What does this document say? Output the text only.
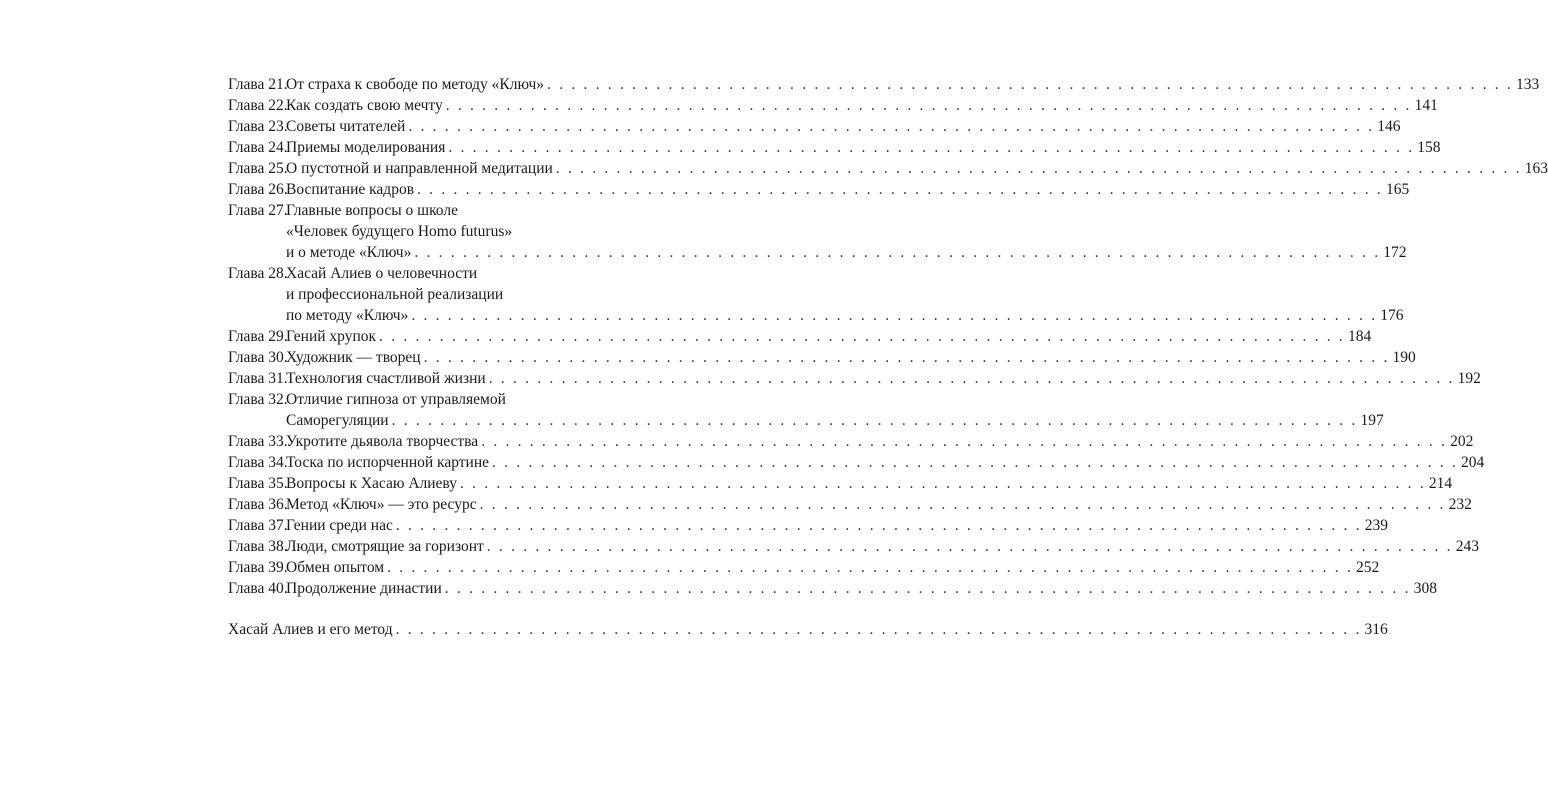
Глава 21.
От страха к свободе по методу «Ключ» . . . . . . . . . . . . . . . . . . . . . . . . . . . . . . . . . . . . . . . . . . . . . . . . . . . . . . . . . . . . . . . . . . . . . . . . . . . . . . . . 133
Глава 22.
Как создать свою мечту . . . . . . . . . . . . . . . . . . . . . . . . . . . . . . . . . . . . . . . . . . . . . . . . . . . . . . . . . . . . . . . . . . . . . . . . . . . . . . . . 141
Глава 23.
Советы читателей . . . . . . . . . . . . . . . . . . . . . . . . . . . . . . . . . . . . . . . . . . . . . . . . . . . . . . . . . . . . . . . . . . . . . . . . . . . . . . . . 146
Глава 24.
Приемы моделирования . . . . . . . . . . . . . . . . . . . . . . . . . . . . . . . . . . . . . . . . . . . . . . . . . . . . . . . . . . . . . . . . . . . . . . . . . . . . . . . . 158
Глава 25.
О пустотной и направленной медитации . . . . . . . . . . . . . . . . . . . . . . . . . . . . . . . . . . . . . . . . . . . . . . . . . . . . . . . . . . . . . . . . . . . . . . . . . . . . . . . . 163
Глава 26.
Воспитание кадров . . . . . . . . . . . . . . . . . . . . . . . . . . . . . . . . . . . . . . . . . . . . . . . . . . . . . . . . . . . . . . . . . . . . . . . . . . . . . . . . 165
Глава 27.
Главные вопросы о школе
«Человек будущего Homo futurus»
и о методе «Ключ» . . . . . . . . . . . . . . . . . . . . . . . . . . . . . . . . . . . . . . . . . . . . . . . . . . . . . . . . . . . . . . . . . . . . . . . . . . . . . . . . 172
Глава 28.
Хасай Алиев о человечности
и профессиональной реализации
по методу «Ключ» . . . . . . . . . . . . . . . . . . . . . . . . . . . . . . . . . . . . . . . . . . . . . . . . . . . . . . . . . . . . . . . . . . . . . . . . . . . . . . . . 176
Глава 29.
Гений хрупок . . . . . . . . . . . . . . . . . . . . . . . . . . . . . . . . . . . . . . . . . . . . . . . . . . . . . . . . . . . . . . . . . . . . . . . . . . . . . . . . 184
Глава 30.
Художник — творец . . . . . . . . . . . . . . . . . . . . . . . . . . . . . . . . . . . . . . . . . . . . . . . . . . . . . . . . . . . . . . . . . . . . . . . . . . . . . . . . 190
Глава 31.
Технология счастливой жизни . . . . . . . . . . . . . . . . . . . . . . . . . . . . . . . . . . . . . . . . . . . . . . . . . . . . . . . . . . . . . . . . . . . . . . . . . . . . . . . . 192
Глава 32.
Отличие гипноза от управляемой
Саморегуляции . . . . . . . . . . . . . . . . . . . . . . . . . . . . . . . . . . . . . . . . . . . . . . . . . . . . . . . . . . . . . . . . . . . . . . . . . . . . . . . . 197
Глава 33.
Укротите дьявола творчества . . . . . . . . . . . . . . . . . . . . . . . . . . . . . . . . . . . . . . . . . . . . . . . . . . . . . . . . . . . . . . . . . . . . . . . . . . . . . . . . 202
Глава 34.
Тоска по испорченной картине . . . . . . . . . . . . . . . . . . . . . . . . . . . . . . . . . . . . . . . . . . . . . . . . . . . . . . . . . . . . . . . . . . . . . . . . . . . . . . . . 204
Глава 35.
Вопросы к Хасаю Алиеву . . . . . . . . . . . . . . . . . . . . . . . . . . . . . . . . . . . . . . . . . . . . . . . . . . . . . . . . . . . . . . . . . . . . . . . . . . . . . . . . 214
Глава 36.
Метод «Ключ» — это ресурс . . . . . . . . . . . . . . . . . . . . . . . . . . . . . . . . . . . . . . . . . . . . . . . . . . . . . . . . . . . . . . . . . . . . . . . . . . . . . . . . 232
Глава 37.
Гении среди нас . . . . . . . . . . . . . . . . . . . . . . . . . . . . . . . . . . . . . . . . . . . . . . . . . . . . . . . . . . . . . . . . . . . . . . . . . . . . . . . . 239
Глава 38.
Люди, смотрящие за горизонт . . . . . . . . . . . . . . . . . . . . . . . . . . . . . . . . . . . . . . . . . . . . . . . . . . . . . . . . . . . . . . . . . . . . . . . . . . . . . . . . 243
Глава 39.
Обмен опытом . . . . . . . . . . . . . . . . . . . . . . . . . . . . . . . . . . . . . . . . . . . . . . . . . . . . . . . . . . . . . . . . . . . . . . . . . . . . . . . . 252
Глава 40.
Продолжение династии . . . . . . . . . . . . . . . . . . . . . . . . . . . . . . . . . . . . . . . . . . . . . . . . . . . . . . . . . . . . . . . . . . . . . . . . . . . . . . . . 308
Хасай Алиев и его метод . . . . . . . . . . . . . . . . . . . . . . . . . . . . . . . . . . . . . . . . . . . . . . . . . . . . . . . . . . . . . . . . . . . . . . . . . . . . . . . . 316
